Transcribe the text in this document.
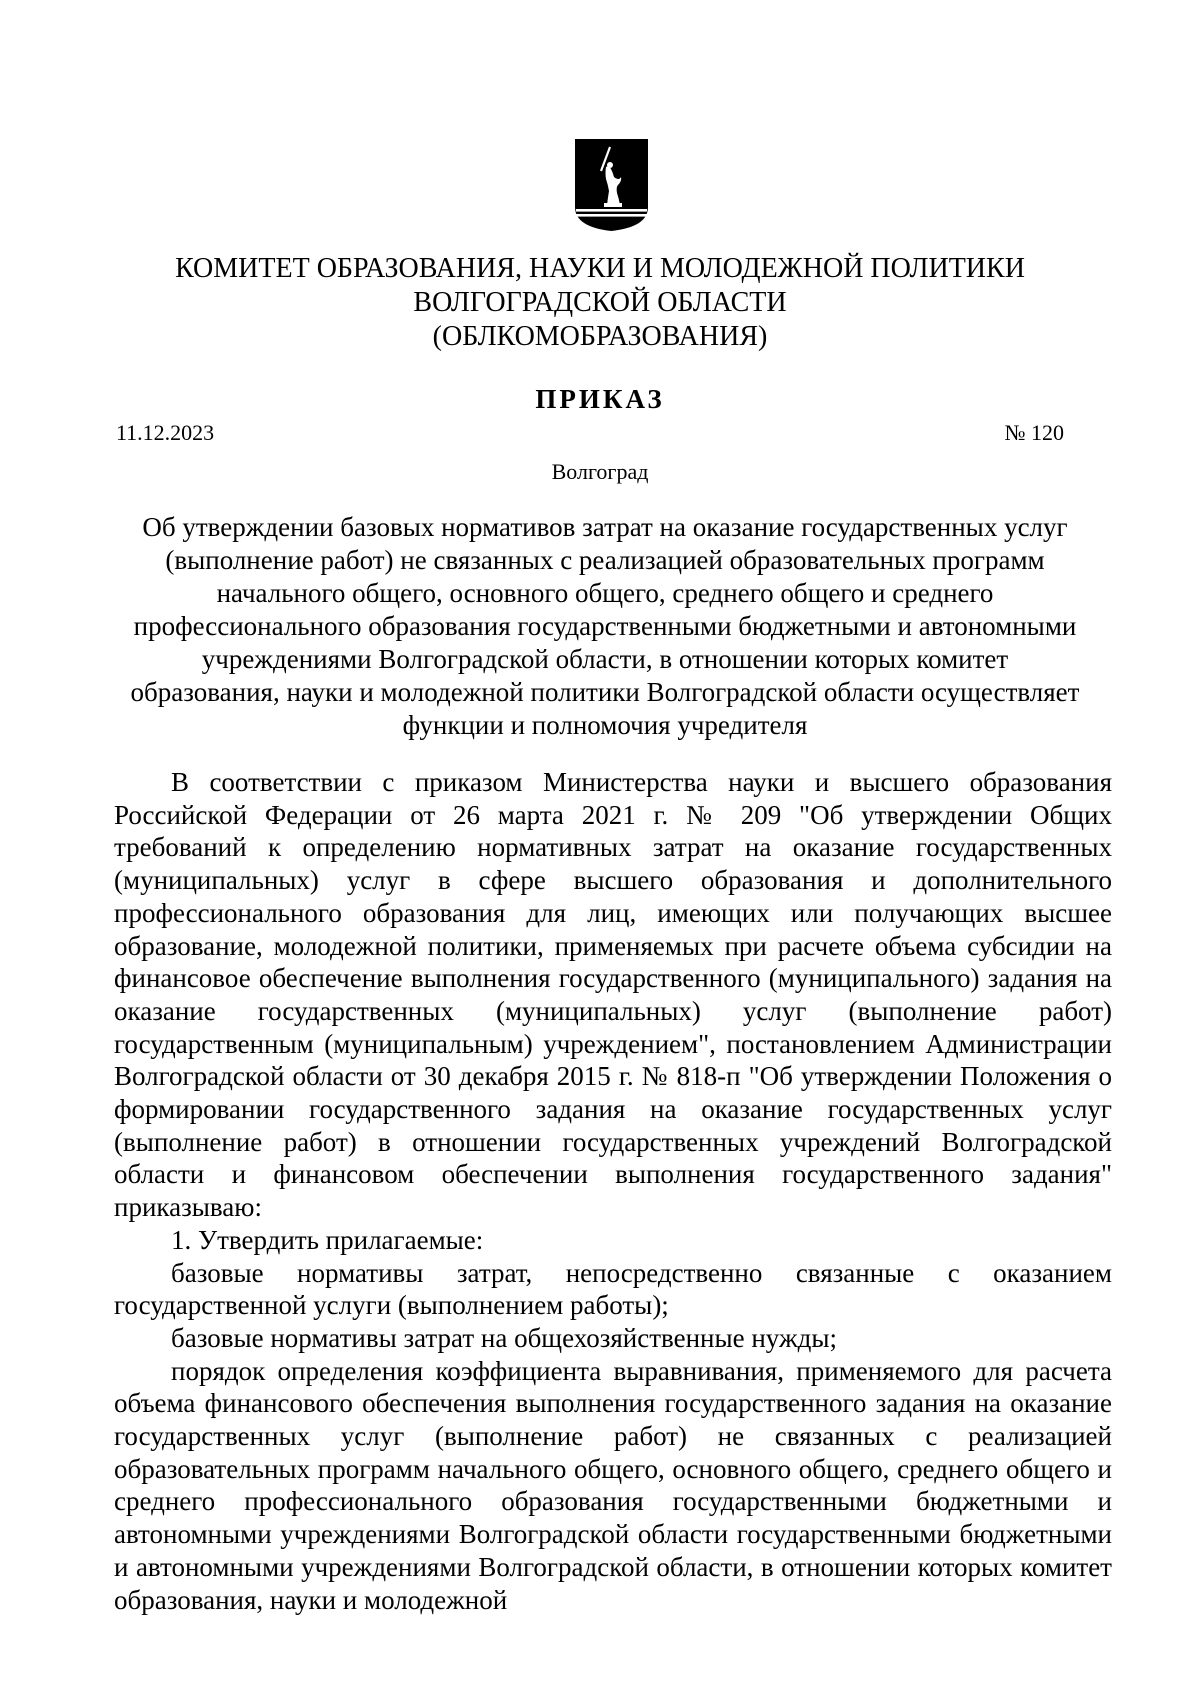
КОМИТЕТ ОБРАЗОВАНИЯ, НАУКИ И МОЛОДЕЖНОЙ ПОЛИТИКИ
ВОЛГОГРАДСКОЙ ОБЛАСТИ
(ОБЛКОМОБРАЗОВАНИЯ)
ПРИКАЗ
11.12.2023	№ 120
Волгоград
Об утверждении базовых нормативов затрат на оказание государственных услуг
(выполнение работ) не связанных с реализацией образовательных программ
начального общего, основного общего, среднего общего и среднего
профессионального образования государственными бюджетными и автономными
учреждениями Волгоградской области, в отношении которых комитет
образования, науки и молодежной политики Волгоградской области осуществляет
функции и полномочия учредителя

В соответствии с приказом Министерства науки и высшего образования Российской Федерации от 26 марта 2021 г. № 209 "Об утверждении Общих требований к определению нормативных затрат на оказание государственных (муниципальных) услуг в сфере высшего образования и дополнительного профессионального образования для лиц, имеющих или получающих высшее образование, молодежной политики, применяемых при расчете объема субсидии на финансовое обеспечение выполнения государственного (муниципального) задания на оказание государственных (муниципальных) услуг (выполнение работ) государственным (муниципальным) учреждением", постановлением Администрации Волгоградской области от 30 декабря 2015 г. № 818-п "Об утверждении Положения о формировании государственного задания на оказание государственных услуг (выполнение работ) в отношении государственных учреждений Волгоградской области и финансовом обеспечении выполнения государственного задания" приказываю:

1. Утвердить прилагаемые:

базовые нормативы затрат, непосредственно связанные с оказанием государственной услуги (выполнением работы);

базовые нормативы затрат на общехозяйственные нужды;

порядок определения коэффициента выравнивания, применяемого для расчета объема финансового обеспечения выполнения государственного задания на оказание государственных услуг (выполнение работ) не связанных с реализацией образовательных программ начального общего, основного общего, среднего общего и среднего профессионального образования государственными бюджетными и автономными учреждениями Волгоградской области государственными бюджетными и автономными учреждениями Волгоградской области, в отношении которых комитет образования, науки и молодежной
